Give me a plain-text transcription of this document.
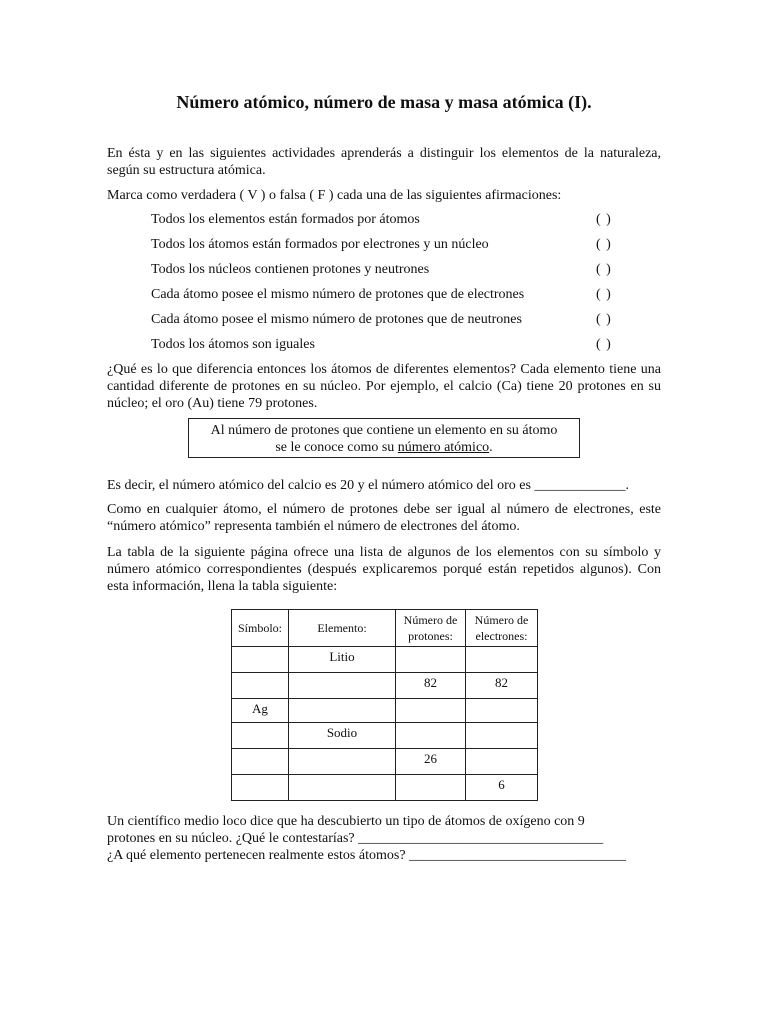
Número atómico, número de masa y masa atómica (I).
En ésta y en las siguientes actividades aprenderás a distinguir los elementos de la naturaleza, según su estructura atómica.
Marca como verdadera ( V ) o falsa ( F ) cada una de las siguientes afirmaciones:
Todos los elementos están formados por átomos	( )
Todos los átomos están formados por electrones y un núcleo	( )
Todos los núcleos contienen protones y neutrones	( )
Cada átomo posee el mismo número de protones que de electrones	( )
Cada átomo posee el mismo número de protones que de neutrones	( )
Todos los átomos son iguales	( )
¿Qué es lo que diferencia entonces los átomos de diferentes elementos? Cada elemento tiene una cantidad diferente de protones en su núcleo. Por ejemplo, el calcio (Ca) tiene 20 protones en su núcleo; el oro (Au) tiene 79 protones.
Al número de protones que contiene un elemento en su átomo
se le conoce como su número atómico.
Es decir, el número atómico del calcio es 20 y el número atómico del oro es _____________.
Como en cualquier átomo, el número de protones debe ser igual al número de electrones, este “número atómico” representa también el número de electrones del átomo.
La tabla de la siguiente página ofrece una lista de algunos de los elementos con su símbolo y número atómico correspondientes (después explicaremos porqué están repetidos algunos). Con esta información, llena la tabla siguiente:
Símbolo:	Elemento:	Número de protones:	Número de electrones:
	Litio		
		82	82
Ag			
	Sodio		
		26	
			6
Un científico medio loco dice que ha descubierto un tipo de átomos de oxígeno con 9
protones en su núcleo. ¿Qué le contestarías? ___________________________________
¿A qué elemento pertenecen realmente estos átomos? _______________________________
